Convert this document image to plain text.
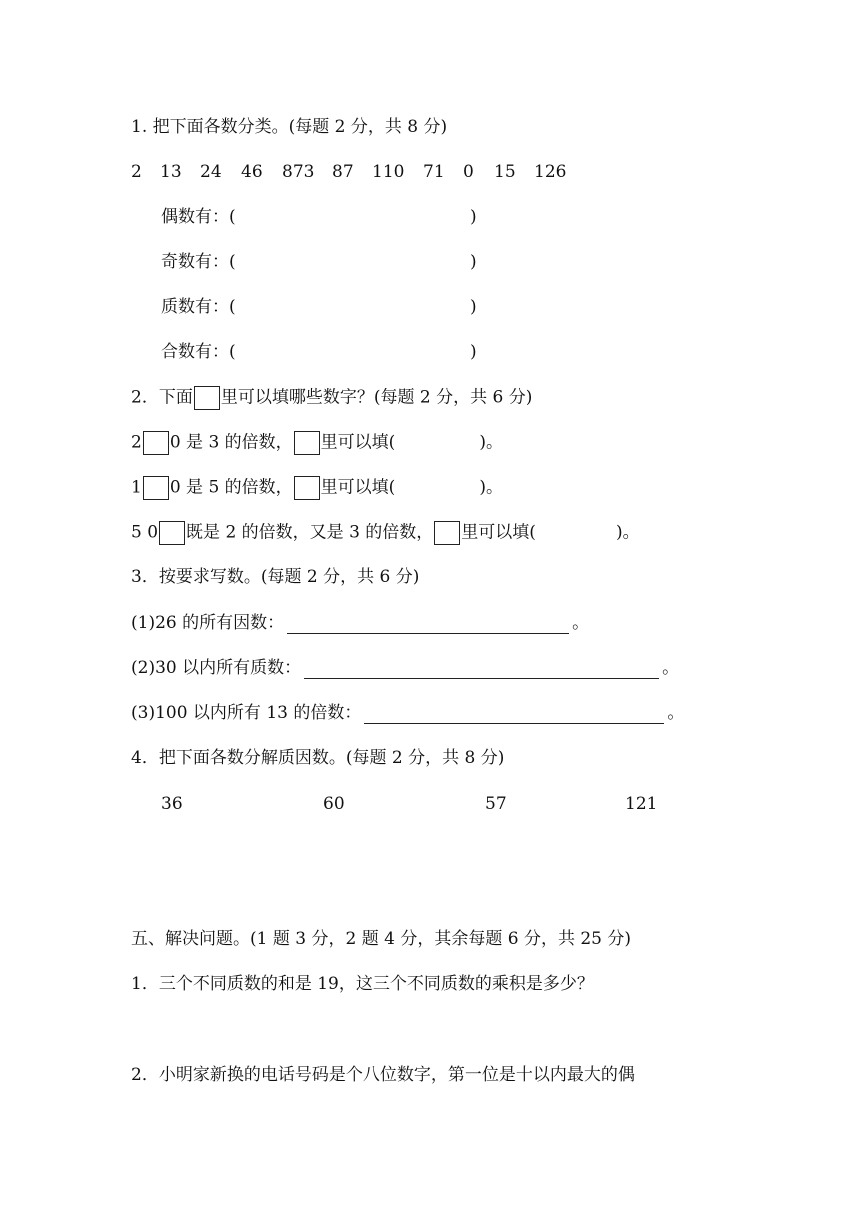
1. 把下面各数分类。(每题 2 分，共 8 分)
2 13 24 46 873 87 110 71 0 15 126
偶数有：(	)
奇数有：(	)
质数有：(	)
合数有：(	)
2．下面 里可以填哪些数字？(每题 2 分，共 6 分)
2 0 是 3 的倍数， 里可以填(	)。
1 0 是 5 的倍数， 里可以填(	)。
5 0 既是 2 的倍数，又是 3 的倍数， 里可以填(	)。
3．按要求写数。(每题 2 分，共 6 分)
(1)26 的所有因数：	。
(2)30 以内所有质数：	。
(3)100 以内所有 13 的倍数：	。
4．把下面各数分解质因数。(每题 2 分，共 8 分)
36	60	57	121
五、解决问题。(1 题 3 分，2 题 4 分，其余每题 6 分，共 25 分)
1．三个不同质数的和是 19，这三个不同质数的乘积是多少？
2．小明家新换的电话号码是个八位数字，第一位是十以内最大的偶
